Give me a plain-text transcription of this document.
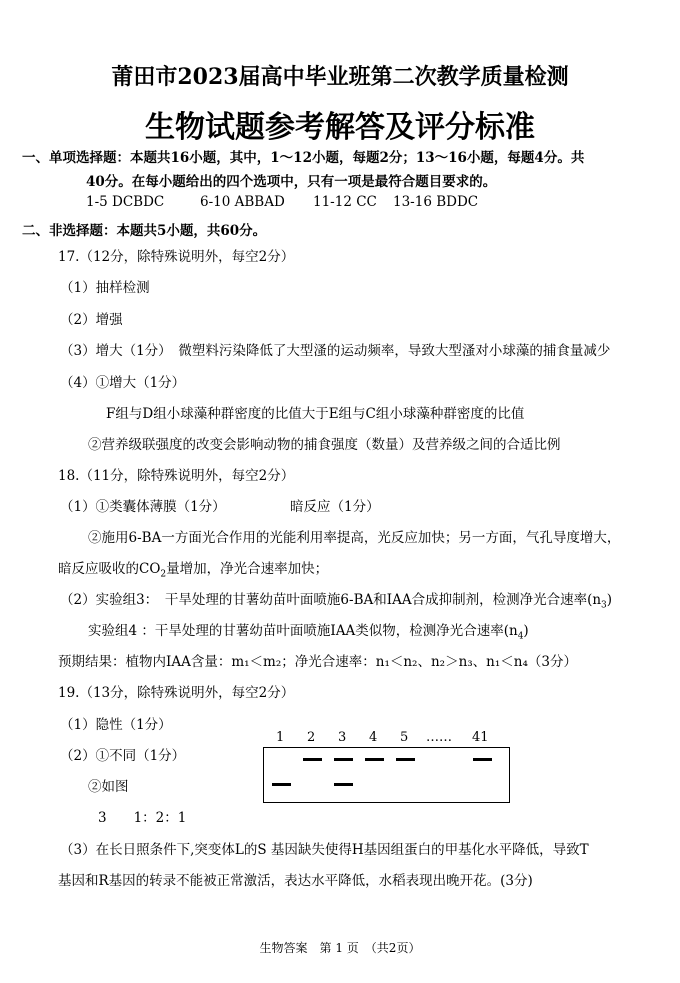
莆田市2023届高中毕业班第二次教学质量检测
生物试题参考解答及评分标准
一、单项选择题：本题共16小题，其中，1～12小题，每题2分；13～16小题，每题4分。共
40分。在每小题给出的四个选项中，只有一项是最符合题目要求的。
1-5 DCBDC	6-10 ABBAD 11-12 CC 13-16 BDDC
二、非选择题：本题共5小题，共60分。
17.（12分，除特殊说明外，每空2分）
（1）抽样检测
（2）增强
（3）增大（1分）　微塑料污染降低了大型溞的运动频率，导致大型溞对小球藻的捕食量减少
（4）①增大（1分）
F组与D组小球藻种群密度的比值大于E组与C组小球藻种群密度的比值
②营养级联强度的改变会影响动物的捕食强度（数量）及营养级之间的合适比例
18.（11分，除特殊说明外，每空2分）
（1）①类囊体薄膜（1分）	暗反应（1分）
②施用6-BA一方面光合作用的光能利用率提高，光反应加快；另一方面，气孔导度增大，
暗反应吸收的$CO_2$量增加，净光合速率加快；
（2）实验组3：　干旱处理的甘薯幼苗叶面喷施6-BA和IAA合成抑制剂，检测净光合速率$(n_3)$
实验组4 ：干旱处理的甘薯幼苗叶面喷施IAA类似物，检测净光合速率$(n_4)$
预期结果：植物内IAA含量：m₁＜m₂；净光合速率：n₁＜n₂、n₂＞n₃、n₁＜n₄（3分）
19.（13分，除特殊说明外，每空2分）
（1）隐性（1分）
（2）①不同（1分）
②如图
3　　1：2：1
1 2 3 4 5 …… 41
（3）在长日照条件下,突变体L的S 基因缺失使得H基因组蛋白的甲基化水平降低，导致T
基因和R基因的转录不能被正常激活，表达水平降低，水稻表现出晚开花。(3分)
生物答案　第 1 页　（共2页）
